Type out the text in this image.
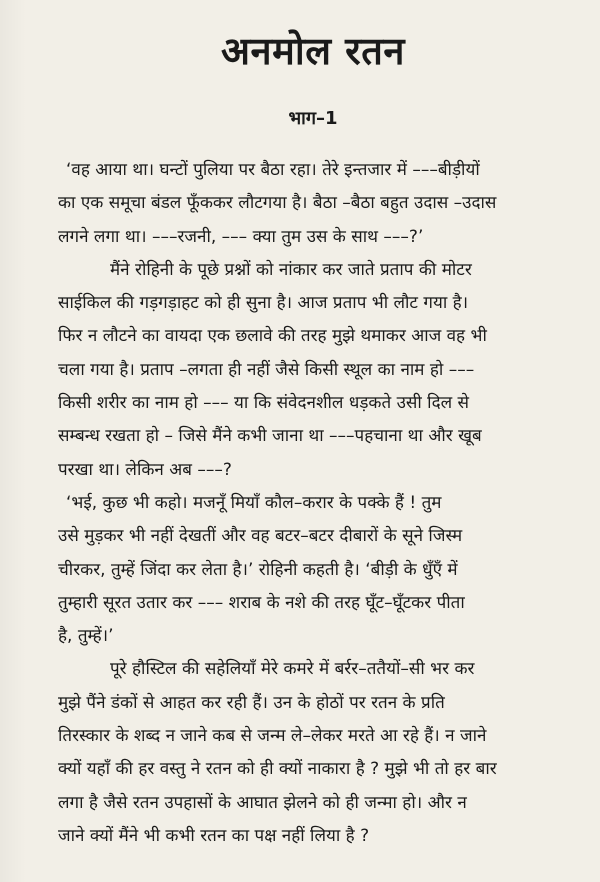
अनमोल रतन
भाग–1
‘वह आया था। घन्टों पुलिया पर बैठा रहा। तेरे इन्तजार में –––बीड़ीयों
का एक समूचा बंडल फूँककर लौटगया है। बैठा –बैठा बहुत उदास –उदास
लगने लगा था। –––रजनी, ––– क्या तुम उस के साथ –––?’
मैंने रोहिनी के पूछे प्रश्नों को नांकार कर जाते प्रताप की मोटर
साईकिल की गड़गड़ाहट को ही सुना है। आज प्रताप भी लौट गया है।
फिर न लौटने का वायदा एक छलावे की तरह मुझे थमाकर आज वह भी
चला गया है। प्रताप –लगता ही नहीं जैसे किसी स्थूल का नाम हो –––
किसी शरीर का नाम हो ––– या कि संवेदनशील धड़कते उसी दिल से
सम्बन्ध रखता हो – जिसे मैंने कभी जाना था –––पहचाना था और खूब
परखा था। लेकिन अब –––?
‘भई, कुछ भी कहो। मजनूँ मियाँ कौल–करार के पक्के हैं ! तुम
उसे मुड़कर भी नहीं देखतीं और वह बटर–बटर दीबारों के सूने जिस्म
चीरकर, तुम्हें जिंदा कर लेता है।’ रोहिनी कहती है। ‘बीड़ी के धुँएँ में
तुम्हारी सूरत उतार कर ––– शराब के नशे की तरह घूँट–घूँटकर पीता
है, तुम्हें।’
पूरे हौस्टिल की सहेलियाँ मेरे कमरे में बर्रर–ततैयों–सी भर कर
मुझे पैंने डंकों से आहत कर रही हैं। उन के होठों पर रतन के प्रति
तिरस्कार के शब्द न जाने कब से जन्म ले–लेकर मरते आ रहे हैं। न जाने
क्यों यहाँ की हर वस्तु ने रतन को ही क्यों नाकारा है ? मुझे भी तो हर बार
लगा है जैसे रतन उपहासों के आघात झेलने को ही जन्मा हो। और न
जाने क्यों मैंने भी कभी रतन का पक्ष नहीं लिया है ?
